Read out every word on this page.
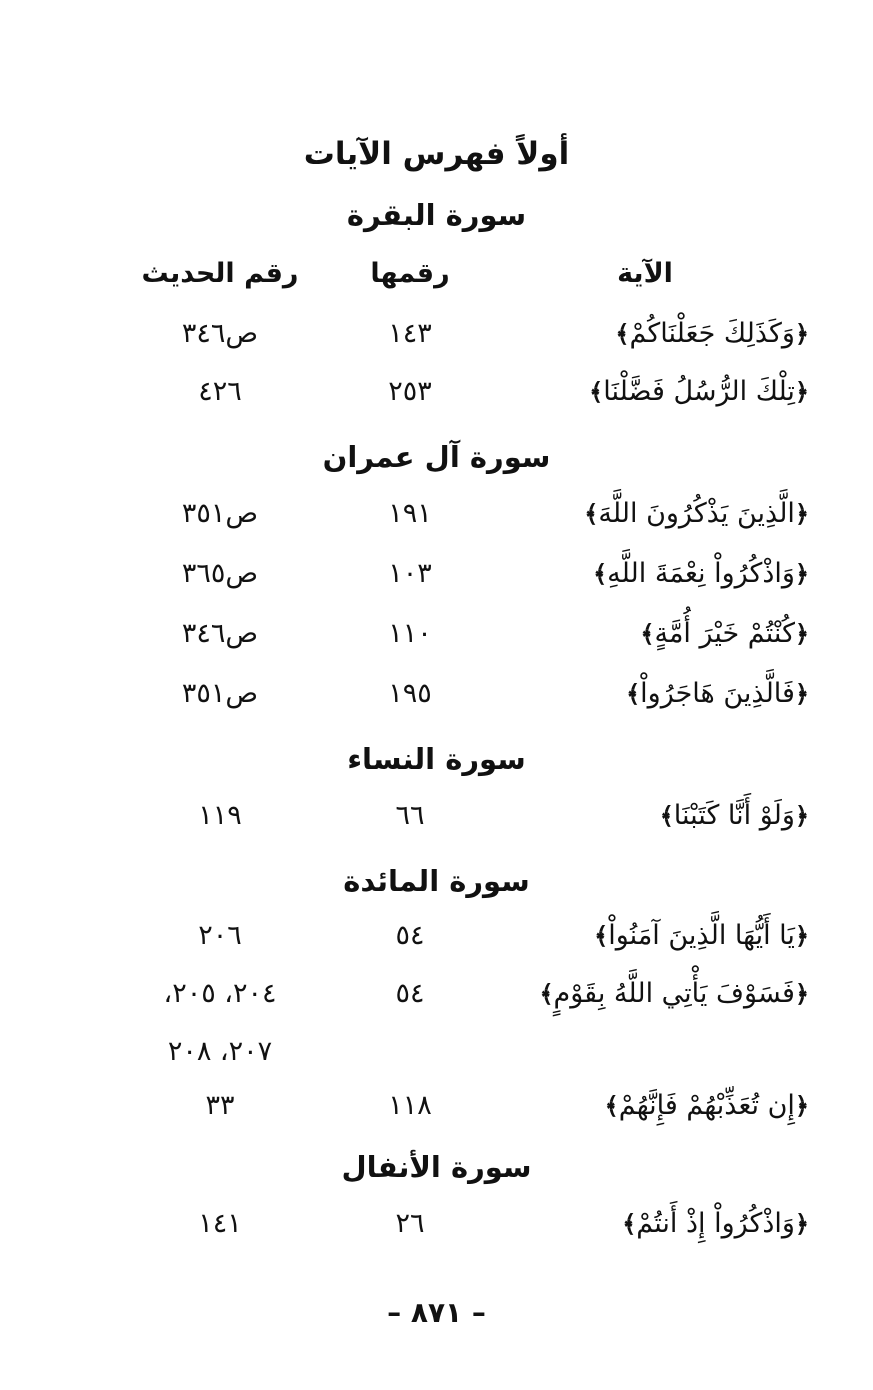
أولاً فهرس الآيات
سورة البقرة
الآية
رقمها
رقم الحديث
﴿وَكَذَلِكَ جَعَلْنَاكُمْ﴾
١٤٣
ص٣٤٦
﴿تِلْكَ الرُّسُلُ فَضَّلْنَا﴾
٢٥٣
٤٢٦
سورة آل عمران
﴿الَّذِينَ يَذْكُرُونَ اللَّهَ﴾
١٩١
ص٣٥١
﴿وَاذْكُرُواْ نِعْمَةَ اللَّهِ﴾
١٠٣
ص٣٦٥
﴿كُنْتُمْ خَيْرَ أُمَّةٍ﴾
١١٠
ص٣٤٦
﴿فَالَّذِينَ هَاجَرُواْ﴾
١٩٥
ص٣٥١
سورة النساء
﴿وَلَوْ أَنَّا كَتَبْنَا﴾
٦٦
١١٩
سورة المائدة
﴿يَا أَيُّهَا الَّذِينَ آمَنُواْ﴾
٥٤
٢٠٦
﴿فَسَوْفَ يَأْتِي اللَّهُ بِقَوْمٍ﴾
٥٤
٢٠٤، ٢٠٥،
٢٠٧، ٢٠٨
﴿إِن تُعَذِّبْهُمْ فَإِنَّهُمْ﴾
١١٨
٣٣
سورة الأنفال
﴿وَاذْكُرُواْ إِذْ أَنتُمْ﴾
٢٦
١٤١
– ٨٧١ –
